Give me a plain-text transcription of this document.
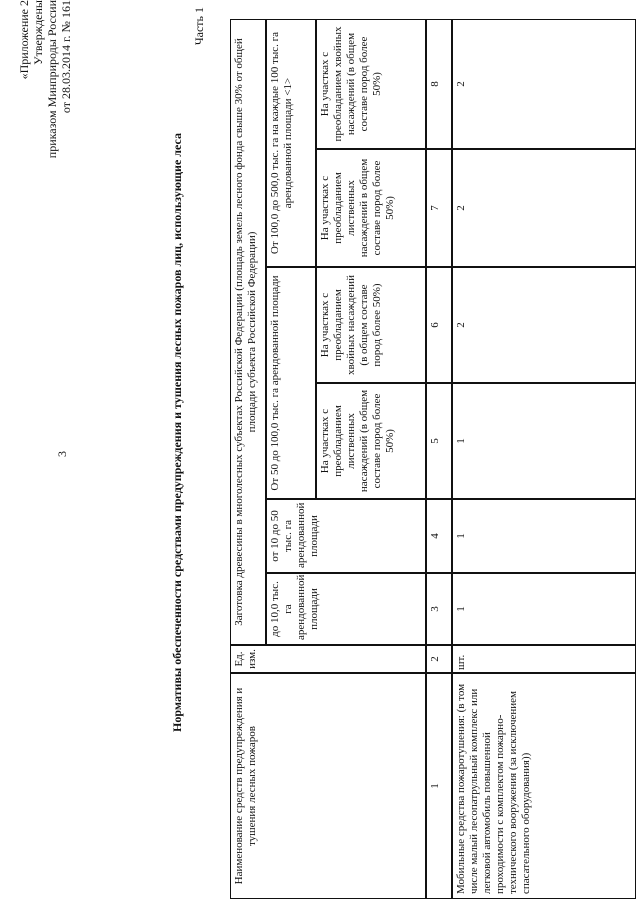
3
«Приложение 2 Утверждены приказом Минприроды России от 28.03.2014 г. № 161
Нормативы обеспеченности средствами предупреждения и тушения лесных пожаров лиц, использующие леса
Часть 1
Наименование средств предупреждения и тушения лесных пожаров
Ед. изм.
Заготовка древесины в многолесных субъектах Российской Федерации (площадь земель лесного фонда свыше 30% от общей площади субъекта Российской Федерации)
до 10,0 тыс. га арендованной площади
от 10 до 50 тыс. га арендованной площади
От 50 до 100,0 тыс. га арендованной площади
От 100,0 до 500,0 тыс. га на каждые 100 тыс. га арендованной площади <1>
На участках с преобладанием лиственных насаждений (в общем составе пород более 50%)
На участках с преобладанием хвойных насаждений (в общем составе пород более 50%)
На участках с преобладанием лиственных насаждений в общем составе пород более 50%)
На участках с преобладанием хвойных насаждений (в общем составе пород более 50%)
1
2
3
4
5
6
7
8
Мобильные средства пожаротушения: (в том числе малый лесопатрульный комплекс или легковой автомобиль повышенной проходимости с комплектом пожарно-технического вооружения (за исключением спасательного оборудования))
шт.
1
1
1
2
2
2
